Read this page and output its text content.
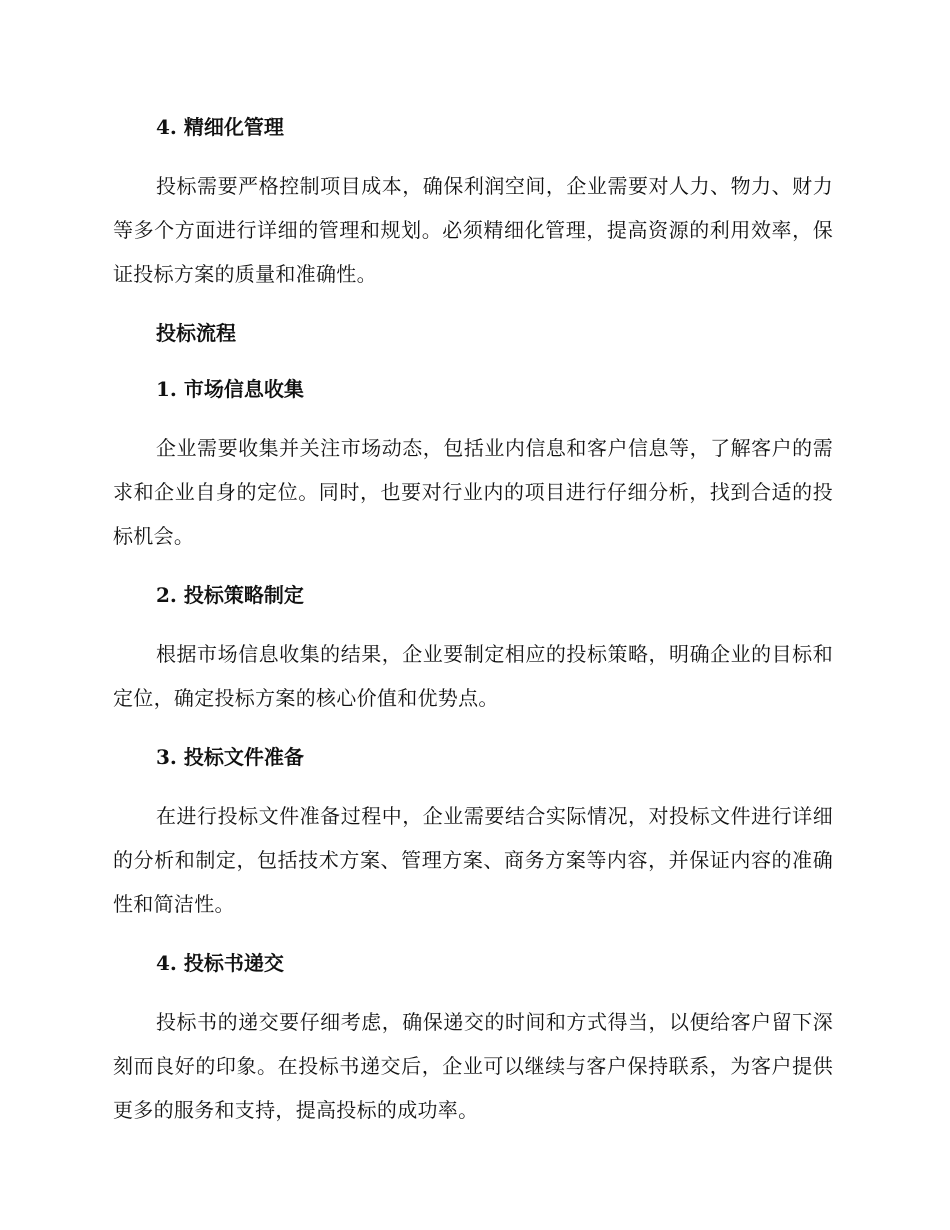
4. 精细化管理
投标需要严格控制项目成本，确保利润空间，企业需要对人力、物力、财力等多个方面进行详细的管理和规划。必须精细化管理，提高资源的利用效率，保证投标方案的质量和准确性。
投标流程
1. 市场信息收集
企业需要收集并关注市场动态，包括业内信息和客户信息等，了解客户的需求和企业自身的定位。同时，也要对行业内的项目进行仔细分析，找到合适的投标机会。
2. 投标策略制定
根据市场信息收集的结果，企业要制定相应的投标策略，明确企业的目标和定位，确定投标方案的核心价值和优势点。
3. 投标文件准备
在进行投标文件准备过程中，企业需要结合实际情况，对投标文件进行详细的分析和制定，包括技术方案、管理方案、商务方案等内容，并保证内容的准确性和简洁性。
4. 投标书递交
投标书的递交要仔细考虑，确保递交的时间和方式得当，以便给客户留下深刻而良好的印象。在投标书递交后，企业可以继续与客户保持联系，为客户提供更多的服务和支持，提高投标的成功率。
